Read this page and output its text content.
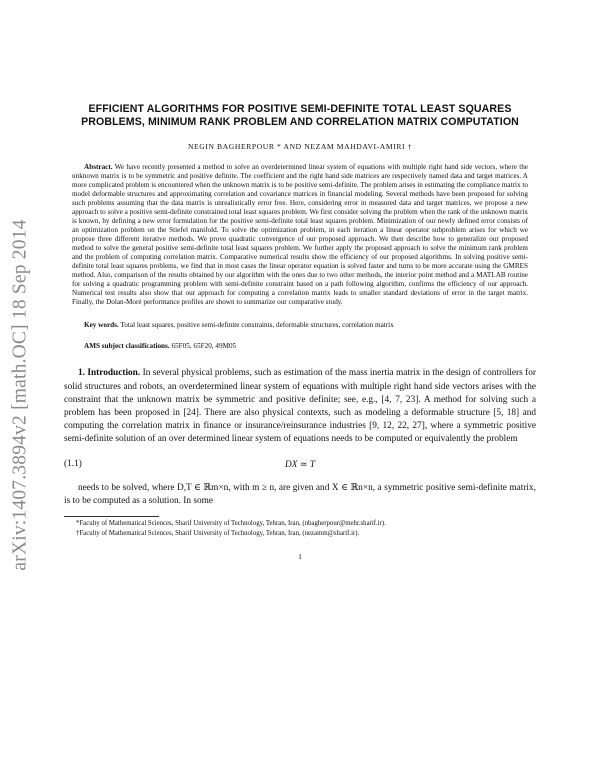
arXiv:1407.3894v2 [math.OC] 18 Sep 2014
EFFICIENT ALGORITHMS FOR POSITIVE SEMI-DEFINITE TOTAL LEAST SQUARES PROBLEMS, MINIMUM RANK PROBLEM AND CORRELATION MATRIX COMPUTATION
NEGIN BAGHERPOUR * AND NEZAM MAHDAVI-AMIRI †

Abstract. We have recently presented a method to solve an overdetermined linear system of equations with multiple right hand side vectors, where the unknown matrix is to be symmetric and positive definite. The coefficient and the right hand side matrices are respectively named data and target matrices. A more complicated problem is encountered when the unknown matrix is to be positive semi-definite. The problem arises in estimating the compliance matrix to model deformable structures and approximating correlation and covariance matrices in financial modeling. Several methods have been proposed for solving such problems assuming that the data matrix is unrealistically error free. Here, considering error in measured data and target matrices, we propose a new approach to solve a positive semi-definite constrained total least squares problem. We first consider solving the problem when the rank of the unknown matrix is known, by defining a new error formulation for the positive semi-definite total least squares problem. Minimization of our newly defined error consists of an optimization problem on the Stiefel manifold. To solve the optimization problem, in each iteration a linear operator subproblem arises for which we propose three different iterative methods. We prove quadratic convergence of our proposed approach. We then describe how to generalize our proposed method to solve the general positive semi-definite total least squares problem. We further apply the proposed approach to solve the minimum rank problem and the problem of computing correlation matrix. Comparative numerical results show the efficiency of our proposed algorithms. In solving positive semi-definite total least squares problems, we find that in most cases the linear operator equation is solved faster and turns to be more accurate using the GMRES method. Also, comparison of the results obtained by our algorithm with the ones due to two other methods, the interior point method and a MATLAB routine for solving a quadratic programming problem with semi-definite constraint based on a path following algorithm, confirms the efficiency of our approach. Numerical test results also show that our approach for computing a correlation matrix leads to smaller standard deviations of error in the target matrix. Finally, the Dolan-Moré performance profiles are shown to summarize our comparative study.

Key words. Total least squares, positive semi-definite constraints, deformable structures, correlation matrix

AMS subject classifications. 65F05, 65F20, 49M05

1. Introduction. In several physical problems, such as estimation of the mass inertia matrix in the design of controllers for solid structures and robots, an overdetermined linear system of equations with multiple right hand side vectors arises with the constraint that the unknown matrix be symmetric and positive definite; see, e.g., [4, 7, 23]. A method for solving such a problem has been proposed in [24]. There are also physical contexts, such as modeling a deformable structure [5, 18] and computing the correlation matrix in finance or insurance/reinsurance industries [9, 12, 22, 27], where a symmetric positive semi-definite solution of an over determined linear system of equations needs to be computed or equivalently the problem

(1.1)	DX ≃ T

needs to be solved, where D,T ∈ ℝm×n, with m ≥ n, are given and X ∈ ℝn×n, a symmetric positive semi-definite matrix, is to be computed as a solution. In some

*Faculty of Mathematical Sciences, Sharif University of Technology, Tehran, Iran, (nbagherpour@mehr.sharif.ir).

†Faculty of Mathematical Sciences, Sharif University of Technology, Tehran, Iran, (nezamm@sharif.ir).

1
